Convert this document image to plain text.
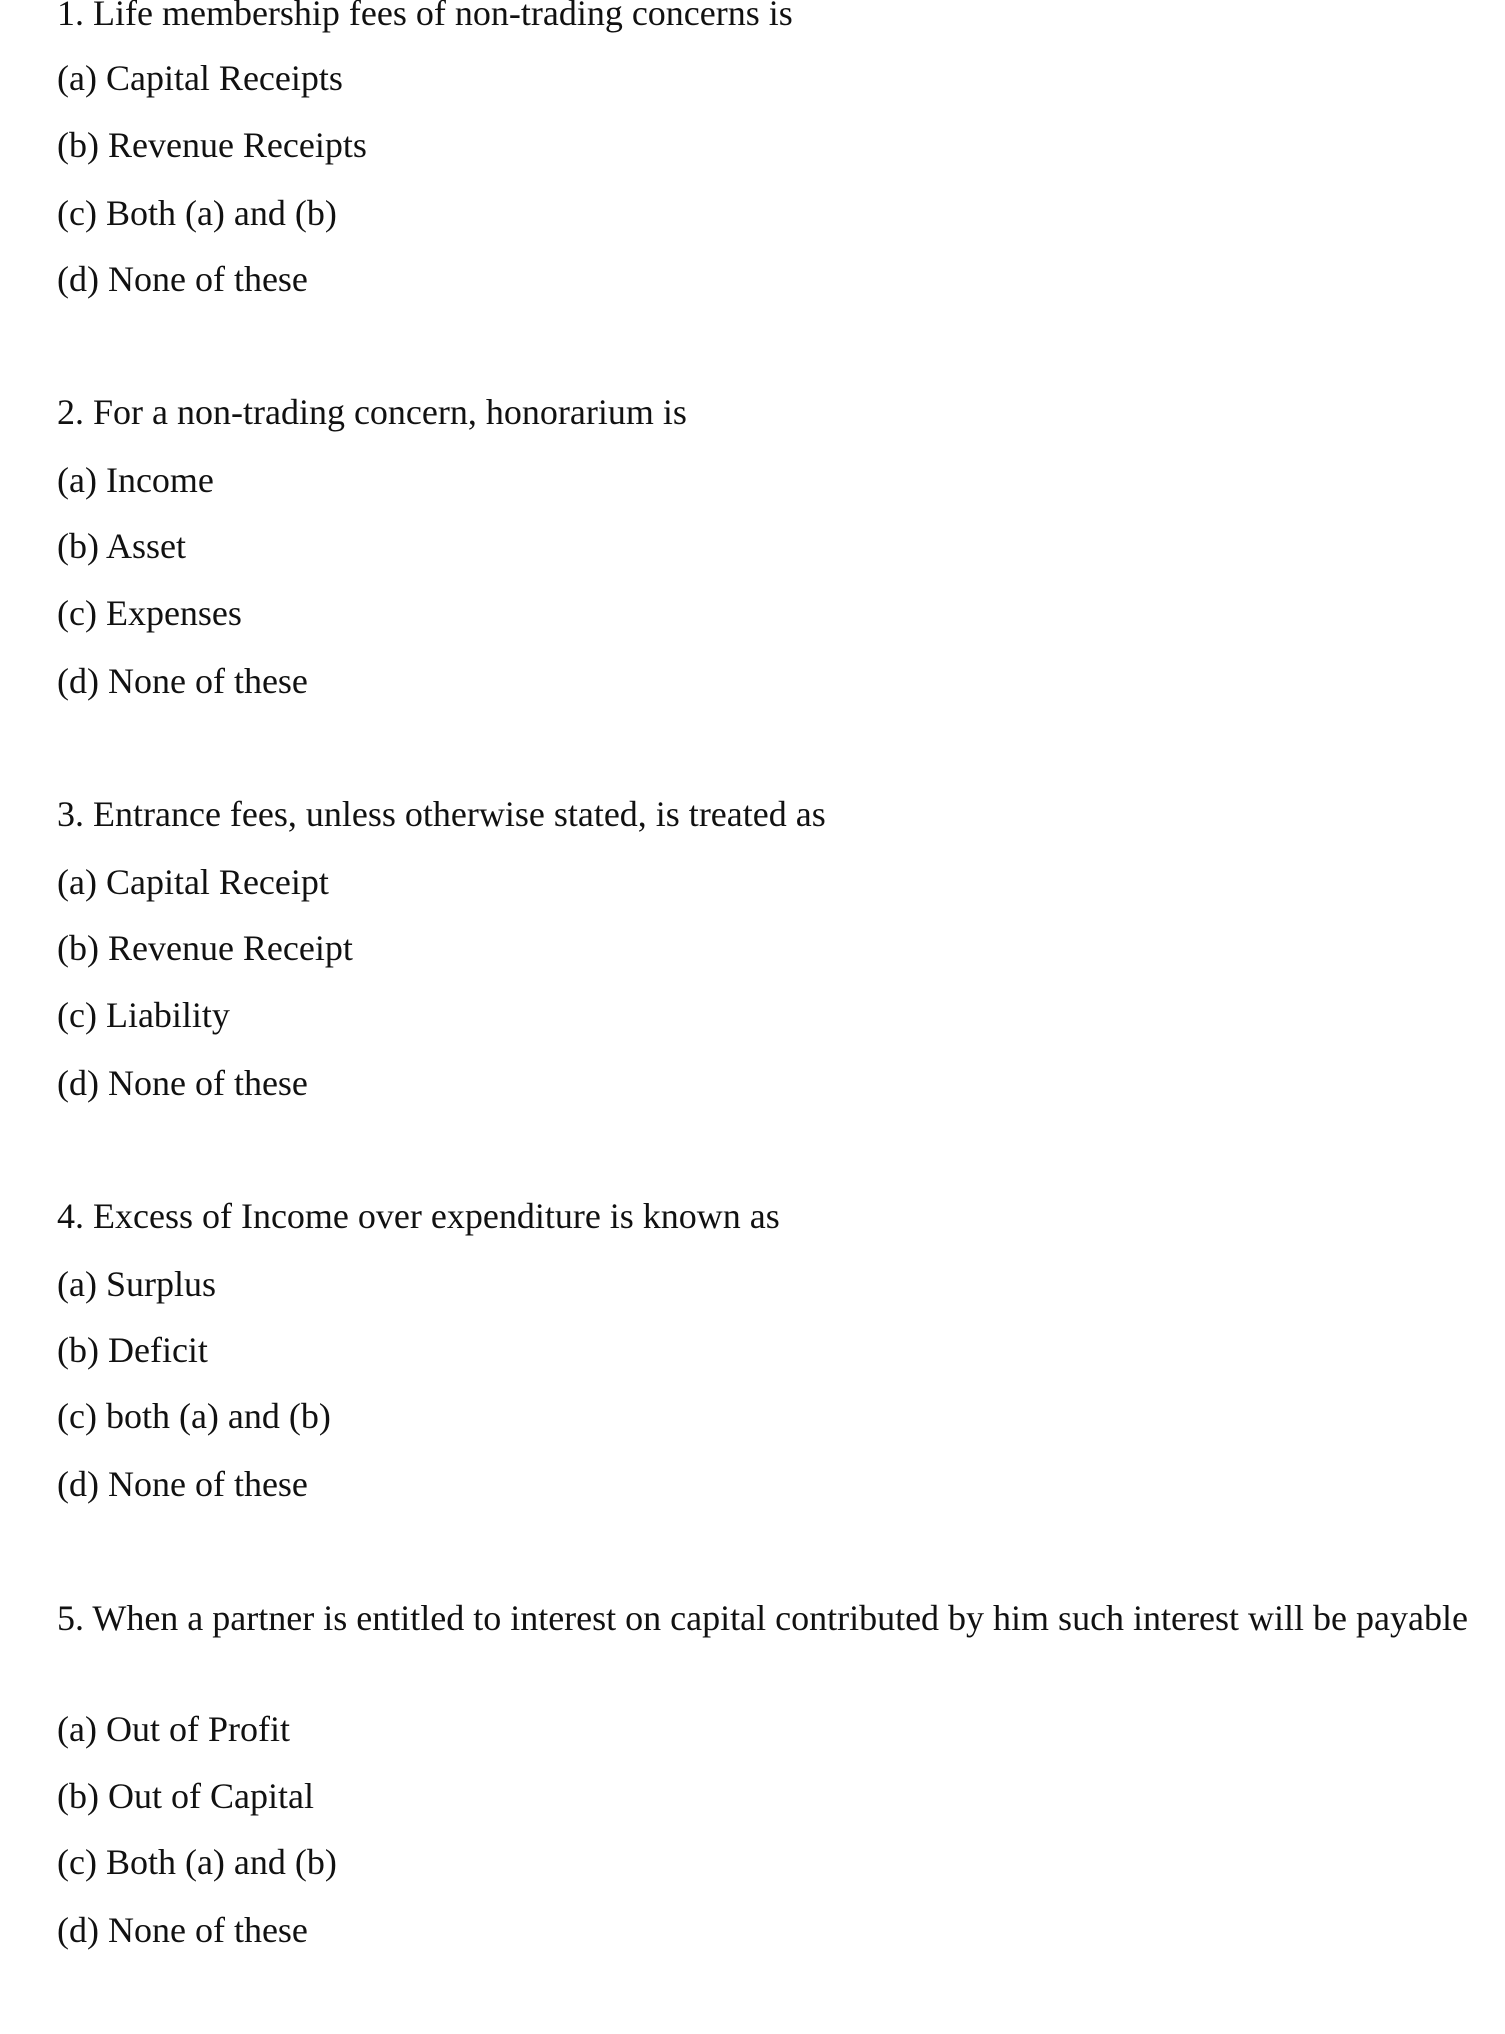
1. Life membership fees of non-trading concerns is
(a) Capital Receipts
(b) Revenue Receipts
(c) Both (a) and (b)
(d) None of these
2. For a non-trading concern, honorarium is
(a) Income
(b) Asset
(c) Expenses
(d) None of these
3. Entrance fees, unless otherwise stated, is treated as
(a) Capital Receipt
(b) Revenue Receipt
(c) Liability
(d) None of these
4. Excess of Income over expenditure is known as
(a) Surplus
(b) Deficit
(c) both (a) and (b)
(d) None of these
5. When a partner is entitled to interest on capital contributed by him such interest will be payable
(a) Out of Profit
(b) Out of Capital
(c) Both (a) and (b)
(d) None of these
